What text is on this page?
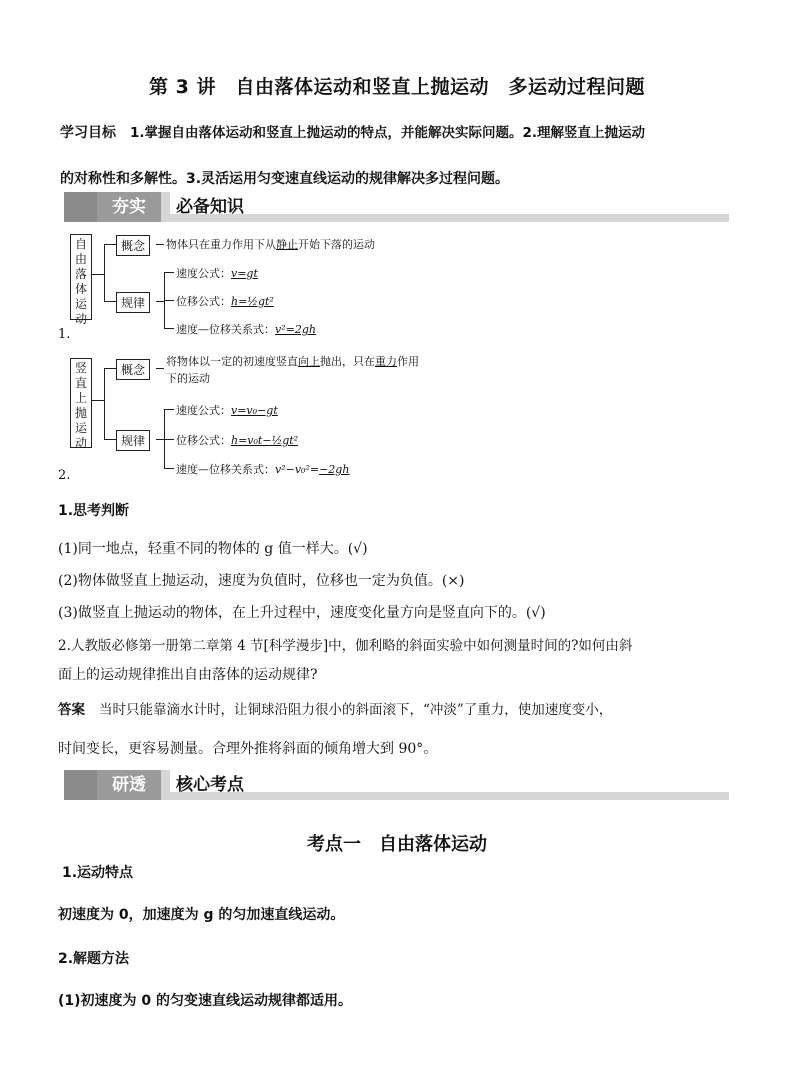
第 3 讲　自由落体运动和竖直上抛运动　多运动过程问题
学习目标 1.掌握自由落体运动和竖直上抛运动的特点，并能解决实际问题。2.理解竖直上抛运动
的对称性和多解性。3.灵活运用匀变速直线运动的规律解决多过程问题。
夯实	必备知识
自由落体运动
概念	物体只在重力作用下从静止开始下落的运动
规律
速度公式：v=gt
位移公式：h=½gt²
速度—位移关系式：v²=2gh
1.
竖直上抛运动
概念
将物体以一定的初速度竖直向上抛出，只在重力作用
下的运动
规律
速度公式：v=v₀−gt
位移公式：h=v₀t−½gt²
速度—位移关系式：v²−v₀²=−2gh
2.
1.思考判断
(1)同一地点，轻重不同的物体的 g 值一样大。(√)
(2)物体做竖直上抛运动，速度为负值时，位移也一定为负值。(×)
(3)做竖直上抛运动的物体，在上升过程中，速度变化量方向是竖直向下的。(√)
2.人教版必修第一册第二章第 4 节[科学漫步]中，伽利略的斜面实验中如何测量时间的?如何由斜
面上的运动规律推出自由落体的运动规律?
答案 当时只能靠滴水计时，让铜球沿阻力很小的斜面滚下，“冲淡”了重力，使加速度变小，
时间变长，更容易测量。合理外推将斜面的倾角增大到 90°。
研透	核心考点
考点一　自由落体运动
1.运动特点
初速度为 0，加速度为 g 的匀加速直线运动。
2.解题方法
(1)初速度为 0 的匀变速直线运动规律都适用。
